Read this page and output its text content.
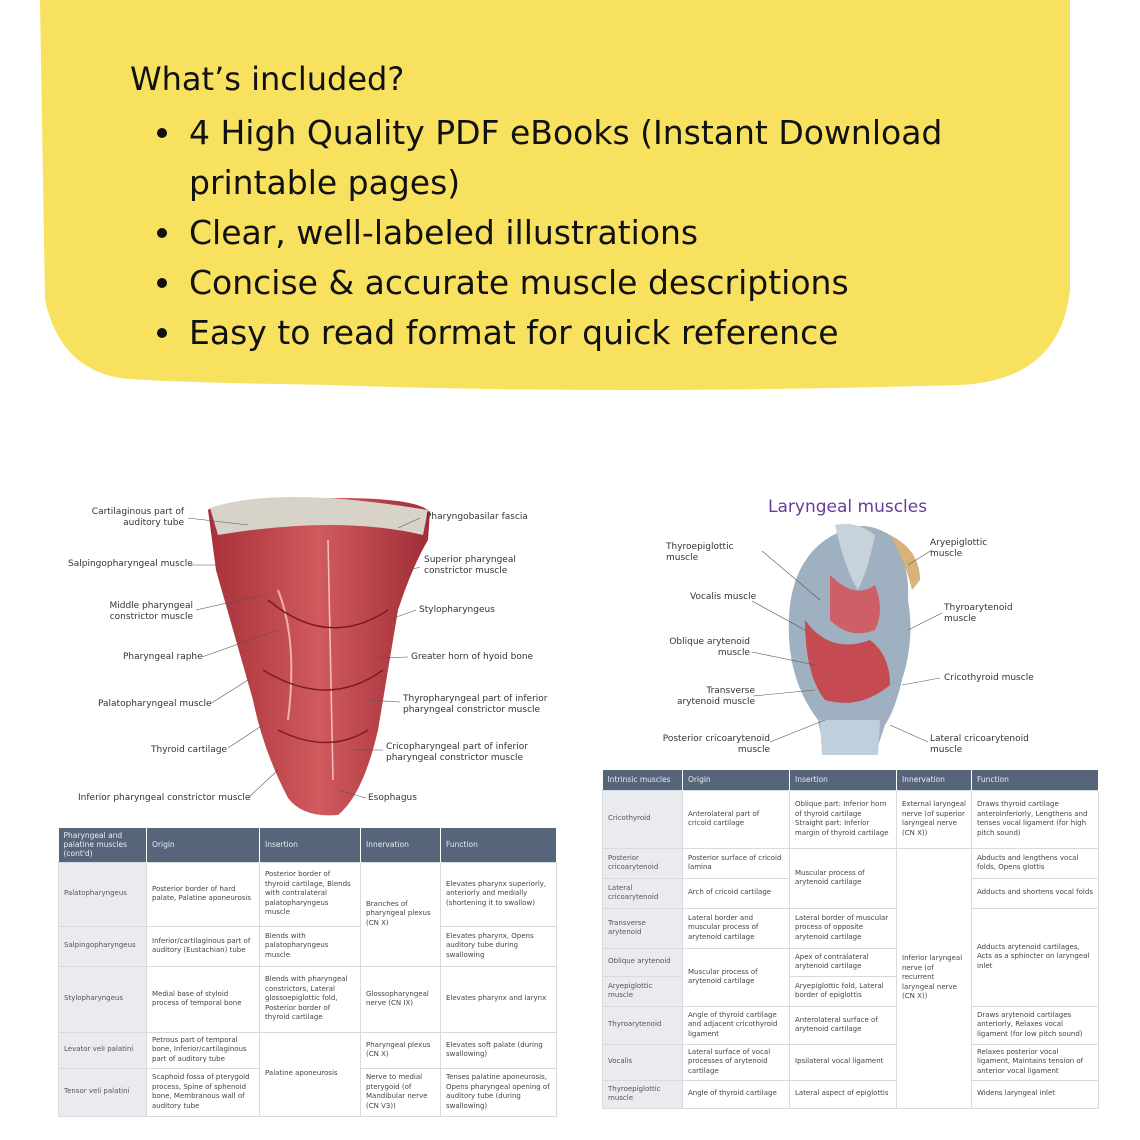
What’s included?
4 High Quality PDF eBooks (Instant Download printable pages)
Clear, well-labeled illustrations
Concise & accurate muscle descriptions
Easy to read format for quick reference
Cartilaginous part of auditory tube
Salpingopharyngeal muscle
Middle pharyngeal constrictor muscle
Pharyngeal raphe
Palatopharyngeal muscle
Thyroid cartilage
Inferior pharyngeal constrictor muscle
Pharyngobasilar fascia
Superior pharyngeal constrictor muscle
Stylopharyngeus
Greater horn of hyoid bone
Thyropharyngeal part of inferior pharyngeal constrictor muscle
Cricopharyngeal part of inferior pharyngeal constrictor muscle
Esophagus
Pharyngeal and palatine muscles (cont'd)	Origin	Insertion	Innervation	Function
Palatopharyngeus	Posterior border of hard palate, Palatine aponeurosis	Posterior border of thyroid cartilage, Blends with contralateral palatopharyngeus muscle	Branches of pharyngeal plexus (CN X)	Elevates pharynx superiorly, anteriorly and medially (shortening it to swallow)
Salpingopharyngeus	Inferior/cartilaginous part of auditory (Eustachian) tube	Blends with palatopharyngeus muscle		Elevates pharynx, Opens auditory tube during swallowing
Stylopharyngeus	Medial base of styloid process of temporal bone	Blends with pharyngeal constrictors, Lateral glossoepiglottic fold, Posterior border of thyroid cartilage	Glossopharyngeal nerve (CN IX)	Elevates pharynx and larynx
Levator veli palatini	Petrous part of temporal bone, Inferior/cartilaginous part of auditory tube	Palatine aponeurosis	Pharyngeal plexus (CN X)	Elevates soft palate (during swallowing)
Tensor veli palatini	Scaphoid fossa of pterygoid process, Spine of sphenoid bone, Membranous wall of auditory tube		Nerve to medial pterygoid (of Mandibular nerve (CN V3))	Tenses palatine aponeurosis, Opens pharyngeal opening of auditory tube (during swallowing)
Laryngeal muscles
Thyroepiglottic muscle
Vocalis muscle
Oblique arytenoid muscle
Transverse arytenoid muscle
Posterior cricoarytenoid muscle
Aryepiglottic muscle
Thyroarytenoid muscle
Cricothyroid muscle
Lateral cricoarytenoid muscle
Intrinsic muscles	Origin	Insertion	Innervation	Function
Cricothyroid	Anterolateral part of cricoid cartilage	Oblique part: Inferior horn of thyroid cartilage Straight part: Inferior margin of thyroid cartilage	External laryngeal nerve (of superior laryngeal nerve (CN X))	Draws thyroid cartilage anteroinferiorly, Lengthens and tenses vocal ligament (for high pitch sound)
Posterior cricoarytenoid	Posterior surface of cricoid lamina	Muscular process of arytenoid cartilage	Inferior laryngeal nerve (of recurrent laryngeal nerve (CN X))	Abducts and lengthens vocal folds, Opens glottis
Lateral cricoarytenoid	Arch of cricoid cartilage			Adducts and shortens vocal folds
Transverse arytenoid	Lateral border and muscular process of arytenoid cartilage	Lateral border of muscular process of opposite arytenoid cartilage		Adducts arytenoid cartilages, Acts as a sphincter on laryngeal inlet
Oblique arytenoid	Muscular process of arytenoid cartilage	Apex of contralateral arytenoid cartilage		
Aryepiglottic muscle		Aryepiglottic fold, Lateral border of epiglottis		
Thyroarytenoid	Angle of thyroid cartilage and adjacent cricothyroid ligament	Anterolateral surface of arytenoid cartilage		Draws arytenoid cartilages anteriorly, Relaxes vocal ligament (for low pitch sound)
Vocalis	Lateral surface of vocal processes of arytenoid cartilage	Ipsilateral vocal ligament		Relaxes posterior vocal ligament, Maintains tension of anterior vocal ligament
Thyroepiglottic muscle	Angle of thyroid cartilage	Lateral aspect of epiglottis		Widens laryngeal inlet
